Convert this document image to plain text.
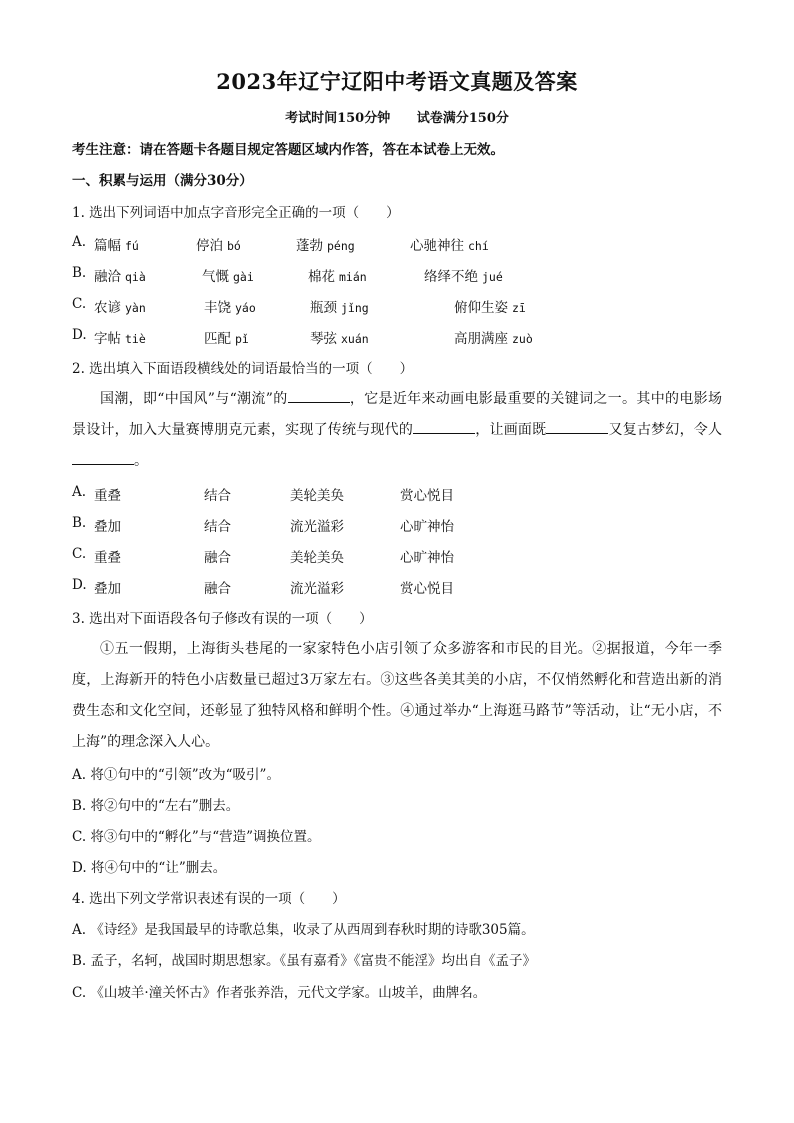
2023年辽宁辽阳中考语文真题及答案
考试时间150分钟 试卷满分150分
考生注意：请在答题卡各题目规定答题区域内作答，答在本试卷上无效。
一、积累与运用（满分30分）
1. 选出下列词语中加点字音形完全正确的一项（　　）
A. 篇幅 fú	停泊 bó	蓬勃 péng	心驰神往 chí
B. 融洽 qià	气慨 gài	棉花 mián	络绎不绝 jué
C. 农谚 yàn	丰饶 yáo	瓶颈 jǐng	俯仰生姿 zī
D. 字帖 tiè	匹配 pǐ	琴弦 xuán	高朋满座 zuò
2. 选出填入下面语段横线处的词语最恰当的一项（　　）
国潮，即“中国风”与“潮流”的	，它是近年来动画电影最重要的关键词之一。其中的电影场景设计，加入大量赛博朋克元素，实现了传统与现代的	，让画面既	又复古梦幻，令人。
A. 重叠	结合	美轮美奂	赏心悦目
B. 叠加	结合	流光溢彩	心旷神怡
C. 重叠	融合	美轮美奂	心旷神怡
D. 叠加	融合	流光溢彩	赏心悦目
3. 选出对下面语段各句子修改有误的一项（　　）
①五一假期，上海街头巷尾的一家家特色小店引领了众多游客和市民的目光。②据报道，今年一季度，上海新开的特色小店数量已超过3万家左右。③这些各美其美的小店，不仅悄然孵化和营造出新的消费生态和文化空间，还彰显了独特风格和鲜明个性。④通过举办“上海逛马路节”等活动，让“无小店，不上海”的理念深入人心。
A. 将①句中的“引领”改为“吸引”。
B. 将②句中的“左右”删去。
C. 将③句中的“孵化”与“营造”调换位置。
D. 将④句中的“让”删去。
4. 选出下列文学常识表述有误的一项（　　）
A. 《诗经》是我国最早的诗歌总集，收录了从西周到春秋时期的诗歌305篇。
B. 孟子，名轲，战国时期思想家。《虽有嘉肴》《富贵不能淫》均出自《孟子》
C. 《山坡羊·潼关怀古》作者张养浩，元代文学家。山坡羊，曲牌名。
